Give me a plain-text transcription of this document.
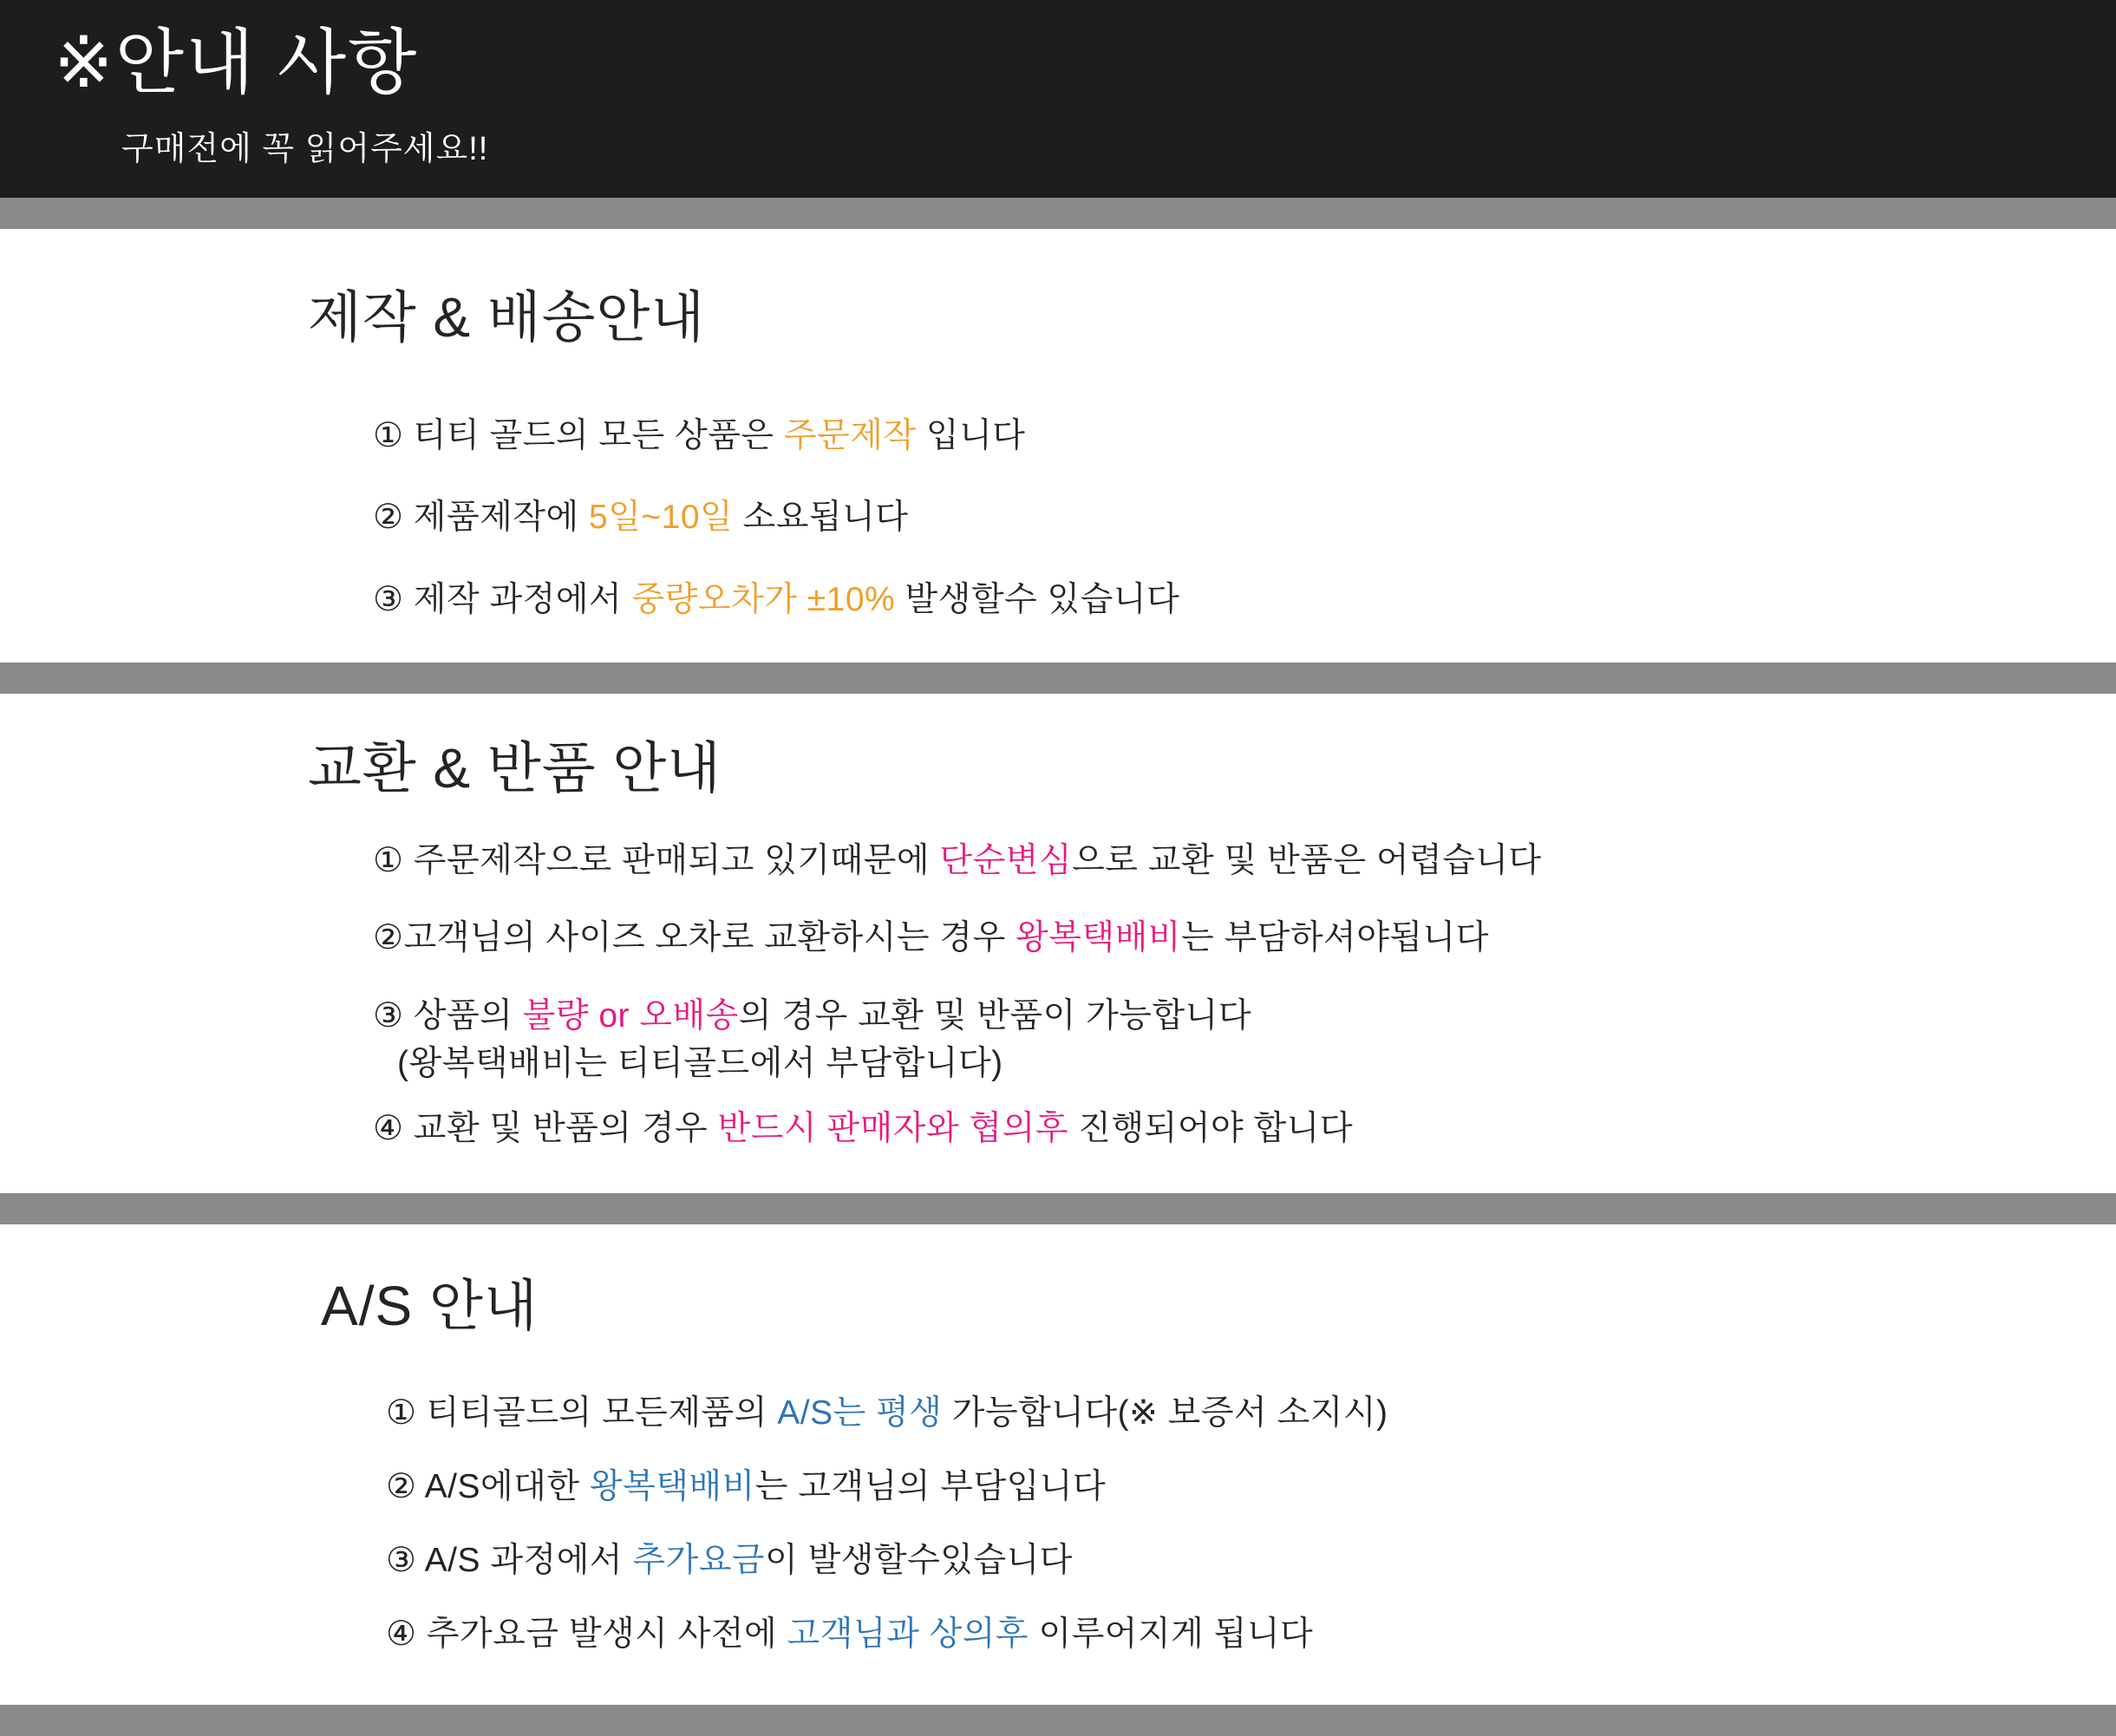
※안내 사항

구매전에 꼭 읽어주세요!!

제작 & 배송안내
① 티티 골드의 모든 상품은 주문제작 입니다
② 제품제작에 5일~10일 소요됩니다
③ 제작 과정에서 중량오차가 ±10% 발생할수 있습니다
교환 & 반품 안내
① 주문제작으로 판매되고 있기때문에 단순변심으로 교환 및 반품은 어렵습니다
②고객님의 사이즈 오차로 교환하시는 경우 왕복택배비는 부담하셔야됩니다
③ 상품의 불량 or 오배송의 경우 교환 및 반품이 가능합니다
(왕복택배비는 티티골드에서 부담합니다)
④ 교환 및 반품의 경우 반드시 판매자와 협의후 진행되어야 합니다
A/S 안내
① 티티골드의 모든제품의 A/S는 평생 가능합니다(※ 보증서 소지시)
② A/S에대한 왕복택배비는 고객님의 부담입니다
③ A/S 과정에서 추가요금이 발생할수있습니다
④ 추가요금 발생시 사전에 고객님과 상의후 이루어지게 됩니다
